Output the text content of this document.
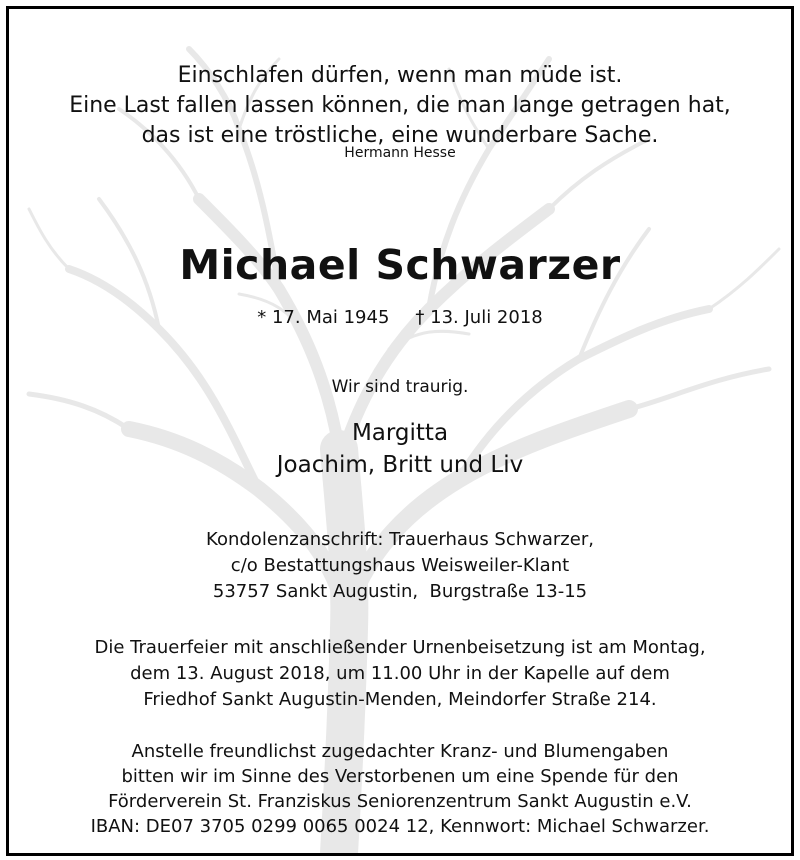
Einschlafen dürfen, wenn man müde ist.
Eine Last fallen lassen können, die man lange getragen hat,
das ist eine tröstliche, eine wunderbare Sache.
Hermann Hesse
Michael Schwarzer
* 17. Mai 1945 † 13. Juli 2018
Wir sind traurig.
Margitta
Joachim, Britt und Liv
Kondolenzanschrift: Trauerhaus Schwarzer,
c/o Bestattungshaus Weisweiler-Klant
53757 Sankt Augustin,  Burgstraße 13-15
Die Trauerfeier mit anschließender Urnenbeisetzung ist am Montag,
dem 13. August 2018, um 11.00 Uhr in der Kapelle auf dem
Friedhof Sankt Augustin-Menden, Meindorfer Straße 214.
Anstelle freundlichst zugedachter Kranz- und Blumengaben
bitten wir im Sinne des Verstorbenen um eine Spende für den
Förderverein St. Franziskus Seniorenzentrum Sankt Augustin e.V.
IBAN: DE07 3705 0299 0065 0024 12, Kennwort: Michael Schwarzer.
